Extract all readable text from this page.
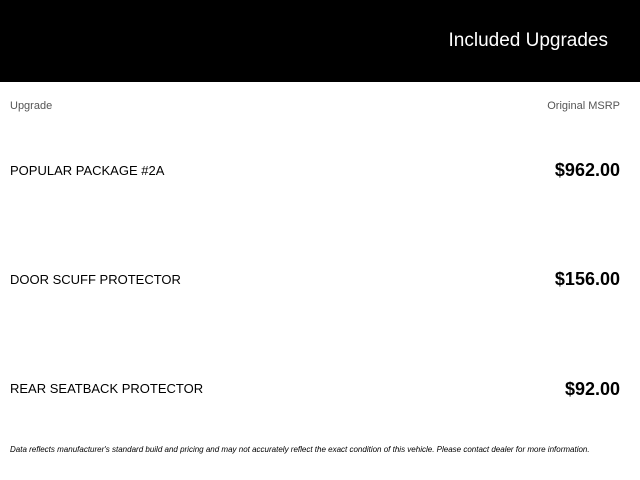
Included Upgrades
Upgrade	Original MSRP
POPULAR PACKAGE #2A	$962.00
DOOR SCUFF PROTECTOR	$156.00
REAR SEATBACK PROTECTOR	$92.00
Data reflects manufacturer's standard build and pricing and may not accurately reflect the exact condition of this vehicle. Please contact dealer for more information.
